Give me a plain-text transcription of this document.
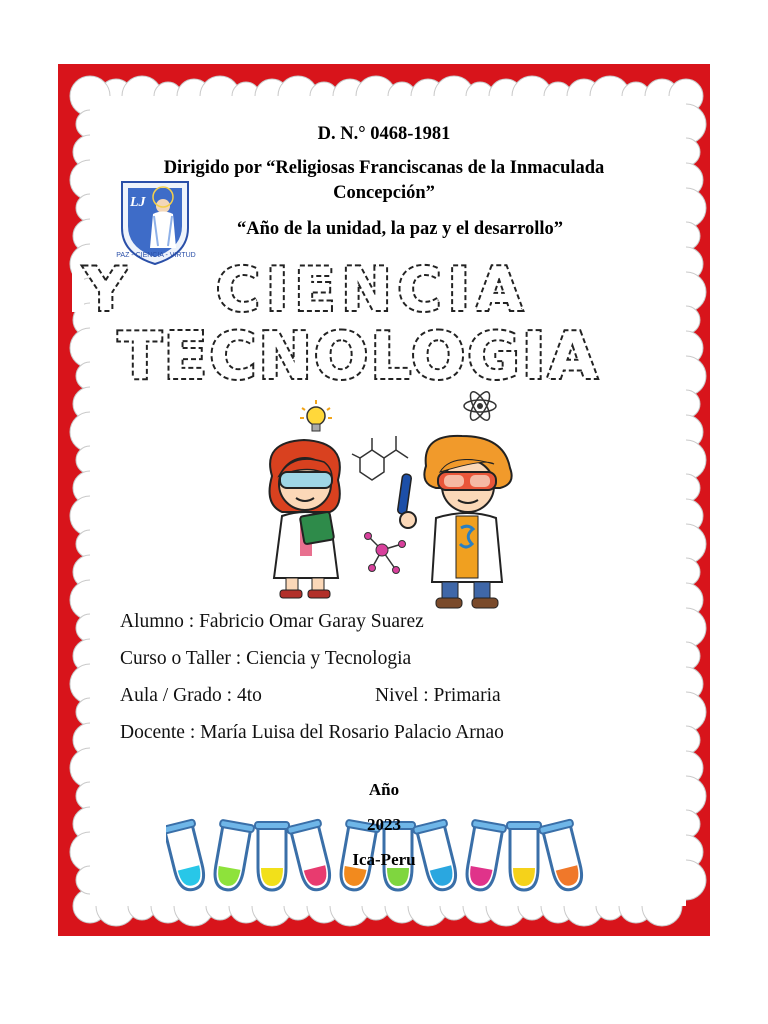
LJ
PAZ - CIENCIA - VIRTUD
D. N.° 0468-1981
Dirigido por “Religiosas Franciscanas de la Inmaculada
Concepción”
“Año de la unidad, la paz y el desarrollo”
Y CIENCIA
TECNOLOGIA
Alumno : Fabricio Omar Garay Suarez
Curso o Taller : Ciencia y Tecnologia
Aula / Grado : 4to	Nivel : Primaria
Docente : María Luisa del Rosario Palacio Arnao
Año
2023
Ica-Peru
